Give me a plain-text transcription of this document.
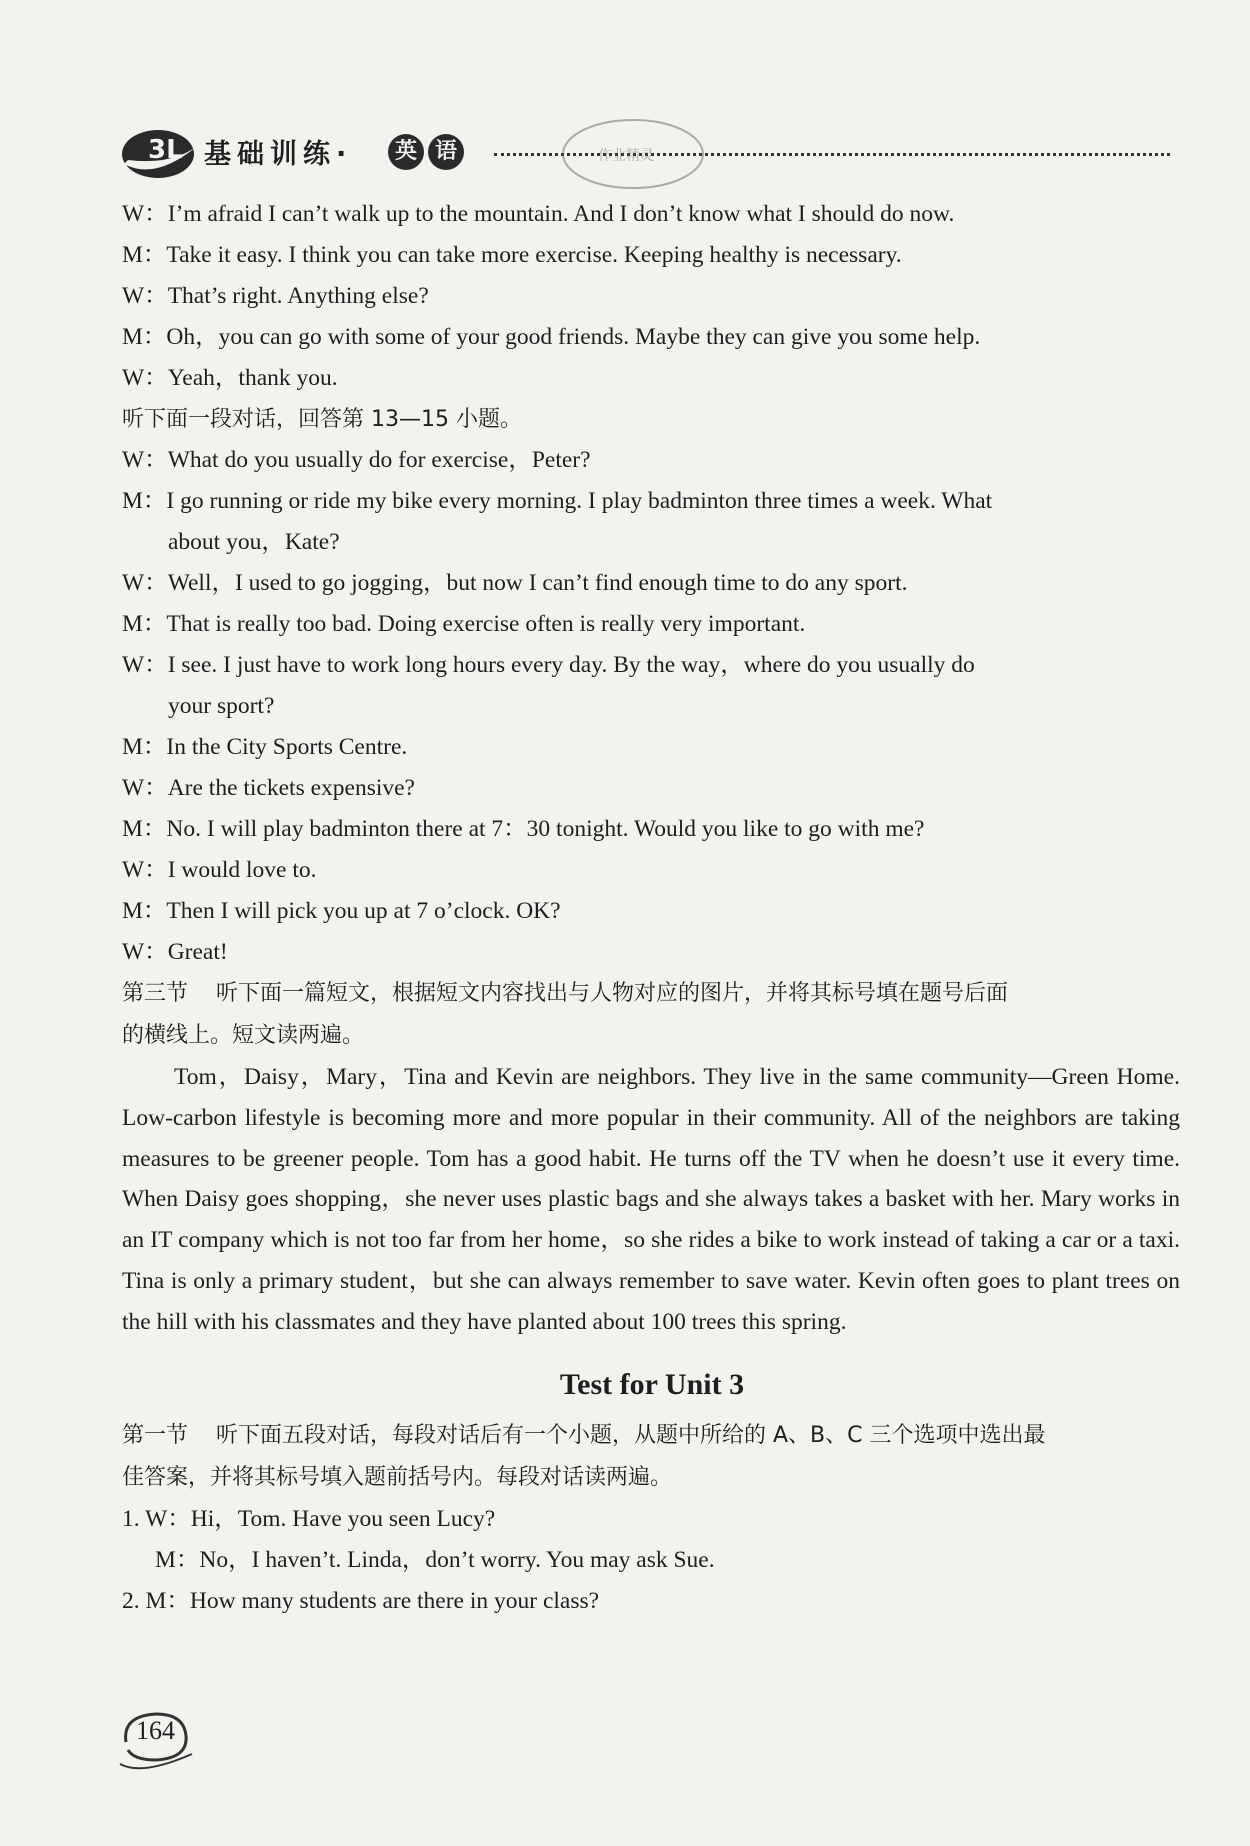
3L 基础训练·	英 语	作业精灵
W：I’m afraid I can’t walk up to the mountain. And I don’t know what I should do now.
M：Take it easy. I think you can take more exercise. Keeping healthy is necessary.
W：That’s right. Anything else?
M：Oh，you can go with some of your good friends. Maybe they can give you some help.
W：Yeah，thank you.
听下面一段对话，回答第 13—15 小题。
W：What do you usually do for exercise，Peter?
M：I go running or ride my bike every morning. I play badminton three times a week. What
about you，Kate?
W：Well，I used to go jogging，but now I can’t find enough time to do any sport.
M：That is really too bad. Doing exercise often is really very important.
W：I see. I just have to work long hours every day. By the way，where do you usually do
your sport?
M：In the City Sports Centre.
W：Are the tickets expensive?
M：No. I will play badminton there at 7：30 tonight. Would you like to go with me?
W：I would love to.
M：Then I will pick you up at 7 o’clock. OK?
W：Great!
第三节 听下面一篇短文，根据短文内容找出与人物对应的图片，并将其标号填在题号后面
的横线上。短文读两遍。

Tom，Daisy，Mary，Tina and Kevin are neighbors. They live in the same community—Green Home. Low-carbon lifestyle is becoming more and more popular in their community. All of the neighbors are taking measures to be greener people. Tom has a good habit. He turns off the TV when he doesn’t use it every time. When Daisy goes shopping，she never uses plastic bags and she always takes a basket with her. Mary works in an IT company which is not too far from her home，so she rides a bike to work instead of taking a car or a taxi. Tina is only a primary student，but she can always remember to save water. Kevin often goes to plant trees on the hill with his classmates and they have planted about 100 trees this spring.

Test for Unit 3
第一节 听下面五段对话，每段对话后有一个小题，从题中所给的 A、B、C 三个选项中选出最
佳答案，并将其标号填入题前括号内。每段对话读两遍。
1. W：Hi，Tom. Have you seen Lucy?
M：No，I haven’t. Linda，don’t worry. You may ask Sue.
2. M：How many students are there in your class?
164
